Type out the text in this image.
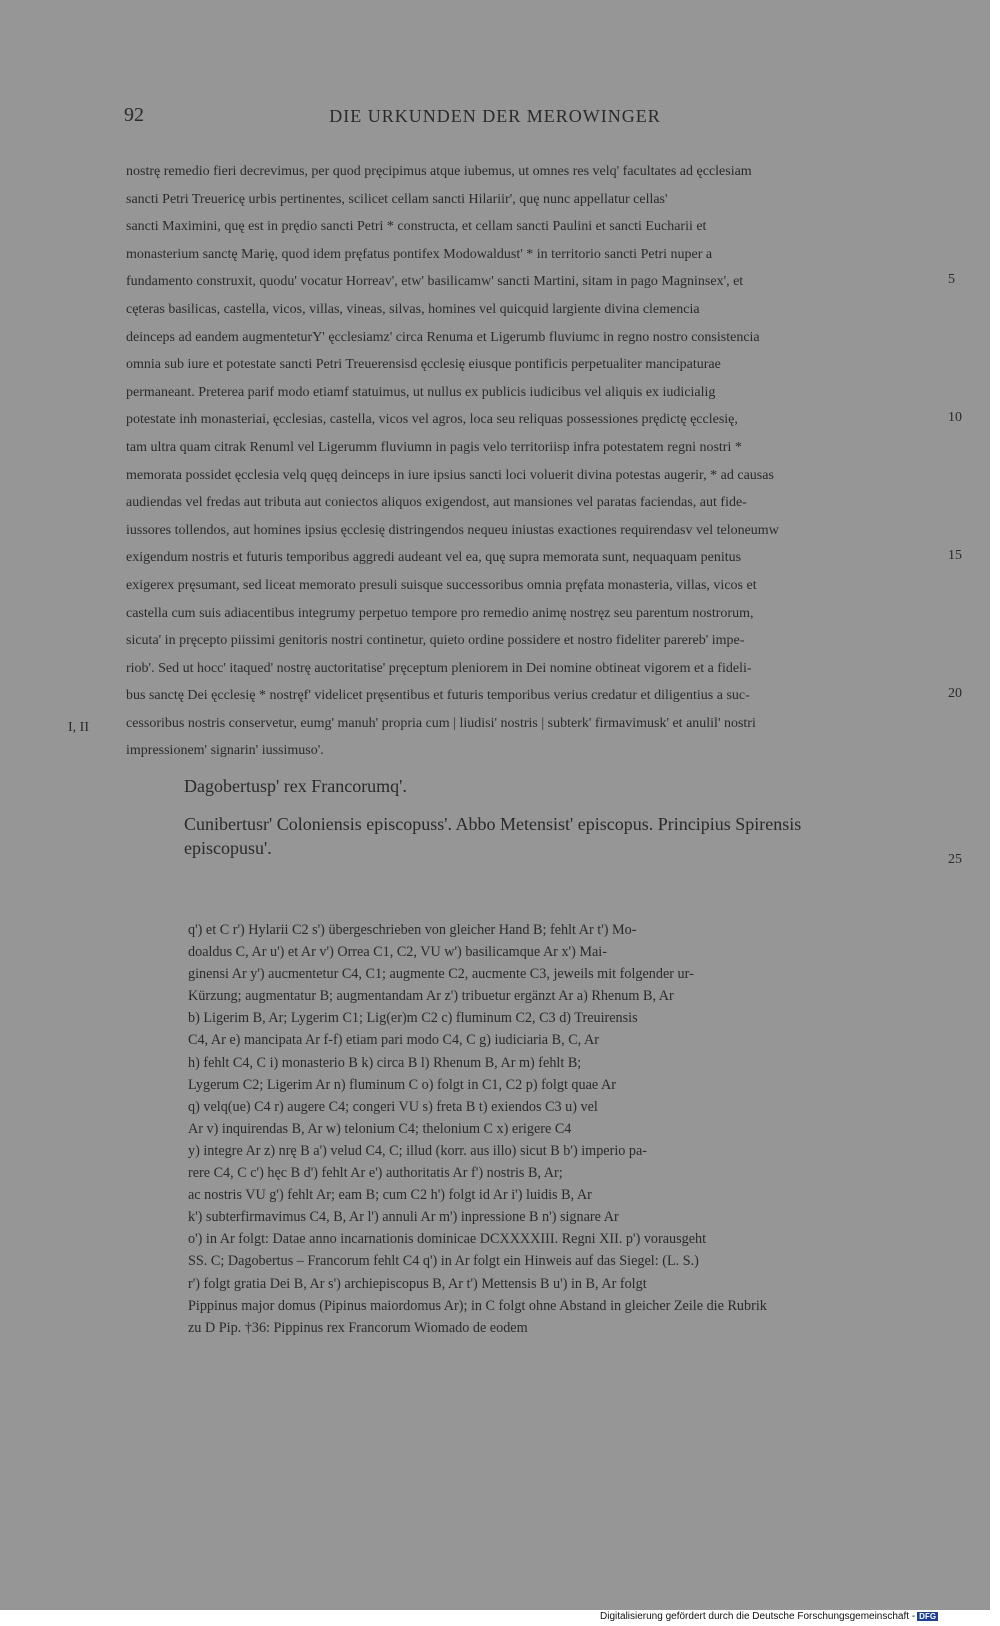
92	DIE URKUNDEN DER MEROWINGER
nostrę remedio fieri decrevimus, per quod pręcipimus atque iubemus, ut omnes res velq' facultates ad ęcclesiam
sancti Petri Treuericę urbis pertinentes, scilicet cellam sancti Hilariir', quę nunc appellatur cellas'
sancti Maximini, quę est in prędio sancti Petri * constructa, et cellam sancti Paulini et sancti Eucharii et
monasterium sanctę Marię, quod idem pręfatus pontifex Modowaldust' * in territorio sancti Petri nuper a
fundamento construxit, quodu' vocatur Horreav', etw' basilicamw' sancti Martini, sitam in pago Magninsex', et
cęteras basilicas, castella, vicos, villas, vineas, silvas, homines vel quicquid largiente divina clemencia
deinceps ad eandem augmenteturY' ęcclesiamz' circa Renuma et Ligerumb fluviumc in regno nostro consistencia
omnia sub iure et potestate sancti Petri Treuerensisd ęcclesię eiusque pontificis perpetualiter mancipaturae
permaneant. Preterea parif modo etiamf statuimus, ut nullus ex publicis iudicibus vel aliquis ex iudicialig
potestate inh monasteriai, ęcclesias, castella, vicos vel agros, loca seu reliquas possessiones prędictę ęcclesię,
tam ultra quam citrak Renuml vel Ligerumm fluviumn in pagis velo territoriisp infra potestatem regni nostri *
memorata possidet ęcclesia velq quęq deinceps in iure ipsius sancti loci voluerit divina potestas augerir, * ad causas
audiendas vel fredas aut tributa aut coniectos aliquos exigendost, aut mansiones vel paratas faciendas, aut fide-
iussores tollendos, aut homines ipsius ęcclesię distringendos nequeu iniustas exactiones requirendasv vel teloneumw
exigendum nostris et futuris temporibus aggredi audeant vel ea, quę supra memorata sunt, nequaquam penitus
exigerex pręsumant, sed liceat memorato presuli suisque successoribus omnia pręfata monasteria, villas, vicos et
castella cum suis adiacentibus integrumy perpetuo tempore pro remedio animę nostręz seu parentum nostrorum,
sicuta' in pręcepto piissimi genitoris nostri continetur, quieto ordine possidere et nostro fideliter parereb' impe-
riob'. Sed ut hocc' itaqued' nostrę auctoritatise' pręceptum pleniorem in Dei nomine obtineat vigorem et a fideli-
bus sanctę Dei ęcclesię * nostręf' videlicet pręsentibus et futuris temporibus verius credatur et diligentius a suc-
cessoribus nostris conservetur, eumg' manuh' propria cum | liudisi' nostris | subterk' firmavimusk' et anulil' nostri
impressionem' signarin' iussimuso'.
5
10
15
20
25
I, II
Dagobertusp' rex Francorumq'.
Cunibertusr' Coloniensis episcopuss'. Abbo Metensist' episcopus. Principius Spirensis
episcopusu'.
q') et C r') Hylarii C2 s') übergeschrieben von gleicher Hand B; fehlt Ar t') Mo-
doaldus C, Ar u') et Ar v') Orrea C1, C2, VU w') basilicamque Ar x') Mai-
ginensi Ar y') aucmentetur C4, C1; augmente C2, aucmente C3, jeweils mit folgender ur-
Kürzung; augmentatur B; augmentandam Ar z') tribuetur ergänzt Ar a) Rhenum B, Ar
b) Ligerim B, Ar; Lygerim C1; Lig(er)m C2 c) fluminum C2, C3 d) Treuirensis
C4, Ar e) mancipata Ar f-f) etiam pari modo C4, C g) iudiciaria B, C, Ar
h) fehlt C4, C i) monasterio B k) circa B l) Rhenum B, Ar m) fehlt B;
Lygerum C2; Ligerim Ar n) fluminum C o) folgt in C1, C2 p) folgt quae Ar
q) velq(ue) C4 r) augere C4; congeri VU s) freta B t) exiendos C3 u) vel
Ar v) inquirendas B, Ar w) telonium C4; thelonium C x) erigere C4
y) integre Ar z) nrę B a') velud C4, C; illud (korr. aus illo) sicut B b') imperio pa-
rere C4, C c') hęc B d') fehlt Ar e') authoritatis Ar f') nostris B, Ar;
ac nostris VU g') fehlt Ar; eam B; cum C2 h') folgt id Ar i') luidis B, Ar
k') subterfirmavimus C4, B, Ar l') annuli Ar m') inpressione B n') signare Ar
o') in Ar folgt: Datae anno incarnationis dominicae DCXXXXIII. Regni XII. p') vorausgeht
SS. C; Dagobertus – Francorum fehlt C4 q') in Ar folgt ein Hinweis auf das Siegel: (L. S.)
r') folgt gratia Dei B, Ar s') archiepiscopus B, Ar t') Mettensis B u') in B, Ar folgt
Pippinus major domus (Pipinus maiordomus Ar); in C folgt ohne Abstand in gleicher Zeile die Rubrik
zu D Pip. †36: Pippinus rex Francorum Wiomado de eodem
Digitalisierung gefördert durch die Deutsche Forschungsgemeinschaft - DFG
